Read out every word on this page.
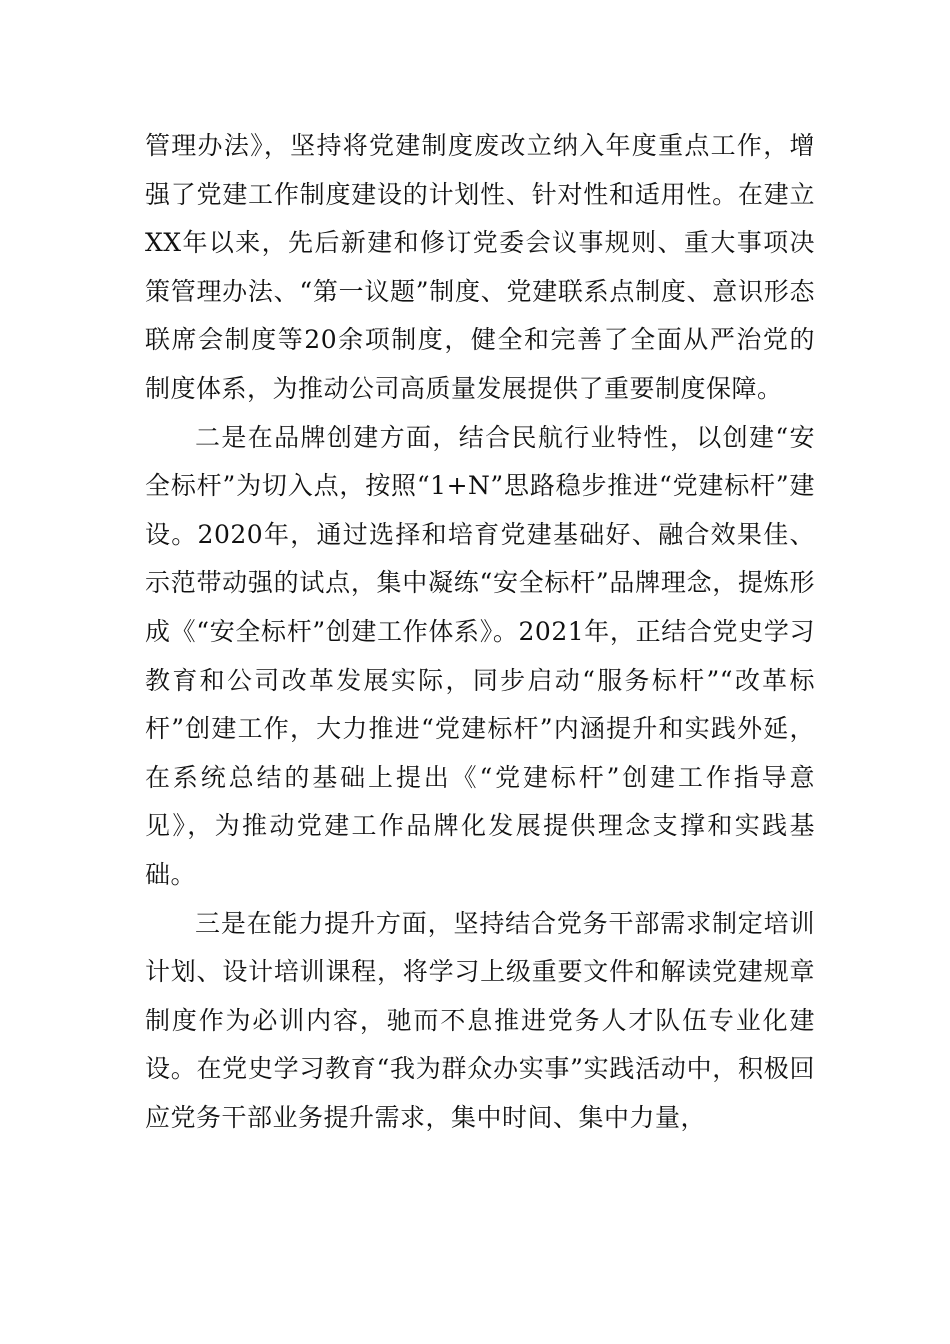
管理办法》，坚持将党建制度废改立纳入年度重点工作，增强了党建工作制度建设的计划性、针对性和适用性。在建立XX年以来，先后新建和修订党委会议事规则、重大事项决策管理办法、“第一议题”制度、党建联系点制度、意识形态联席会制度等20余项制度，健全和完善了全面从严治党的制度体系，为推动公司高质量发展提供了重要制度保障。

二是在品牌创建方面，结合民航行业特性，以创建“安全标杆”为切入点，按照“1+N”思路稳步推进“党建标杆”建设。2020年，通过选择和培育党建基础好、融合效果佳、示范带动强的试点，集中凝练“安全标杆”品牌理念，提炼形成《“安全标杆”创建工作体系》。2021年，正结合党史学习教育和公司改革发展实际，同步启动“服务标杆”“改革标杆”创建工作，大力推进“党建标杆”内涵提升和实践外延，在系统总结的基础上提出《“党建标杆”创建工作指导意见》，为推动党建工作品牌化发展提供理念支撑和实践基础。

三是在能力提升方面，坚持结合党务干部需求制定培训计划、设计培训课程，将学习上级重要文件和解读党建规章制度作为必训内容，驰而不息推进党务人才队伍专业化建设。在党史学习教育“我为群众办实事”实践活动中，积极回应党务干部业务提升需求，集中时间、集中力量，
